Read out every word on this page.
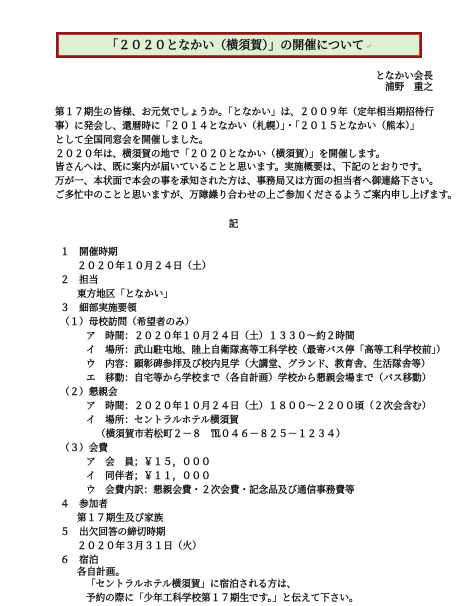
「２０２０となかい（横須賀）」の開催について↵
となかい会長
浦野　重之
第１７期生の皆様、お元気でしょうか。「となかい」は、２００９年（定年相当期招待行
事）に発会し、還暦時に「２０１４となかい（札幌）」・「２０１５となかい（熊本）」
として全国同窓会を開催しました。
２０２０年は、横須賀の地で「２０２０となかい（横須賀）」を開催します。
皆さんへは、既に案内が届いていることと思います。実施概要は、下記のとおりです。
万が一、本状面で本会の事を承知された方は、事務局又は方面の担当者へ御連絡下さい。
ご多忙中のことと思いますが、万障繰り合わせの上ご参加くださるようご案内申し上げます。
記
１　開催時期
２０２０年１０月２４日（土）
２　担当
東方地区「となかい」
３　細部実施要領
（１）母校訪問（希望者のみ）
ア　時間：２０２０年１０月２４日（土）１３３０～約２時間
イ　場所：武山駐屯地、陸上自衛隊高等工科学校（最寄バス停「高等工科学校前」）
ウ　内容：顕彰碑参拝及び校内見学（大講堂、グランド、教育舎、生活隊舎等）
エ　移動：自宅等から学校まで（各自計画）学校から懇親会場まで（バス移動）
（２）懇親会
ア　時間：２０２０年１０月２４日（土）１８００～２２００頃（２次会含む）
イ　場所：セントラルホテル横須賀
（横須賀市若松町２－８　℡０４６－８２５－１２３４）
（３）会費
ア　会　員；￥１５，０００
イ　同伴者；￥１１，０００
ウ　会費内訳：懇親会費・２次会費・記念品及び通信事務費等
４　参加者
第１７期生及び家族
５　出欠回答の締切時期
２０２０年３月３１日（火）
６　宿泊
各自計画。
「セントラルホテル横須賀」に宿泊される方は、
予約の際に「少年工科学校第１７期生です。」と伝えて下さい。
